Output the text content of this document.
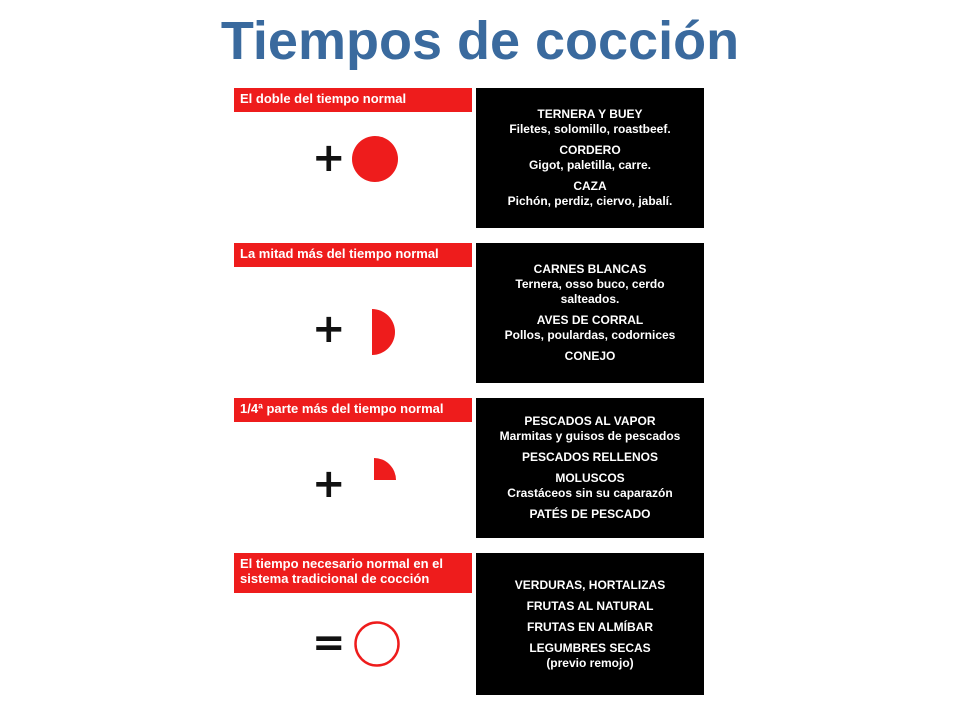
Tiempos de cocción
El doble del tiempo normal
+
TERNERA Y BUEY
Filetes, solomillo, roastbeef.
CORDERO
Gigot, paletilla, carre.
CAZA
Pichón, perdiz, ciervo, jabalí.
La mitad más del tiempo normal
+
CARNES BLANCAS
Ternera, osso buco, cerdo
salteados.
AVES DE CORRAL
Pollos, poulardas, codornices
CONEJO
1/4ª parte más del tiempo normal
+
PESCADOS AL VAPOR
Marmitas y guisos de pescados
PESCADOS RELLENOS
MOLUSCOS
Crastáceos sin su caparazón
PATÉS DE PESCADO
El tiempo necesario normal en el
sistema tradicional de cocción
=
VERDURAS, HORTALIZAS
FRUTAS AL NATURAL
FRUTAS EN ALMÍBAR
LEGUMBRES SECAS
(previo remojo)
